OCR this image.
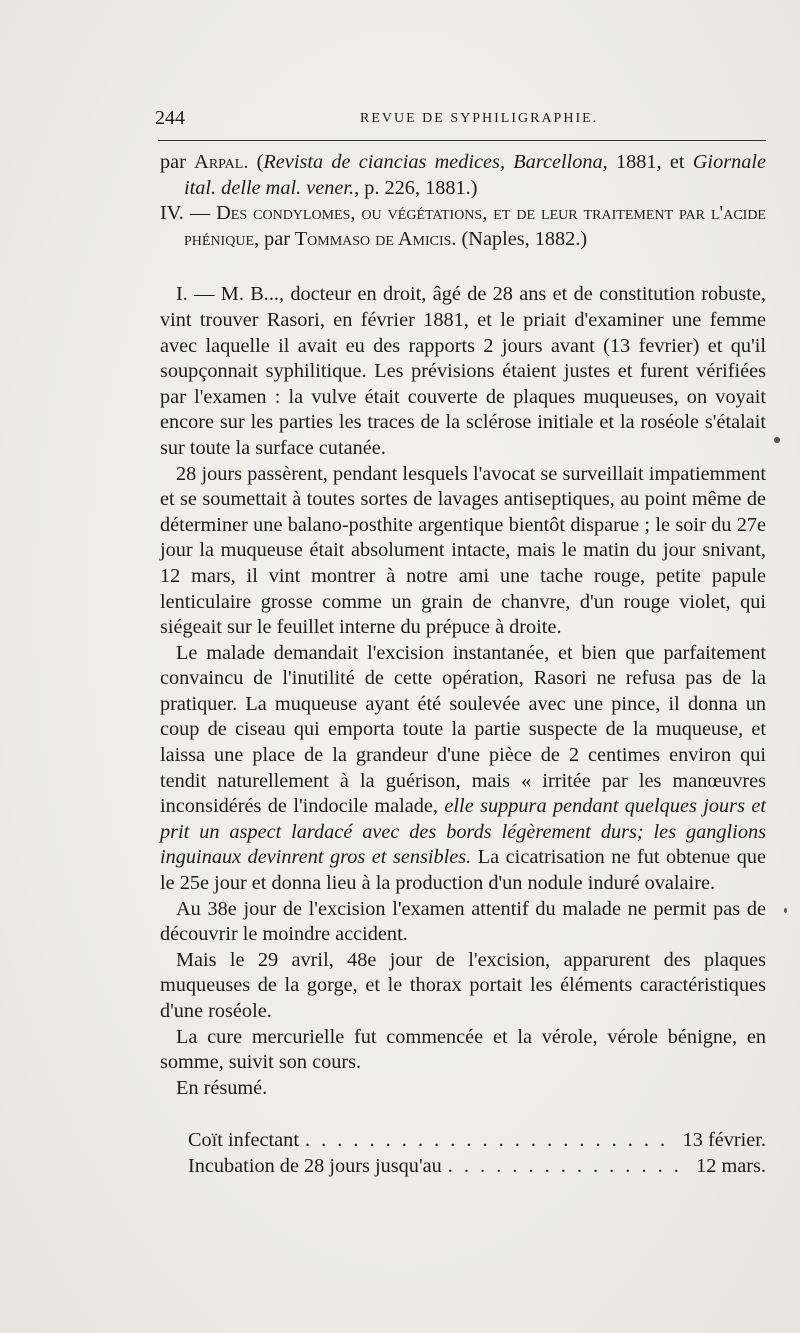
244	REVUE DE SYPHILIGRAPHIE.

par Arpal. (Revista de ciancias medices, Barcellona, 1881, et Giornale ital. delle mal. vener., p. 226, 1881.)

IV. — Des condylomes, ou végétations, et de leur traitement par l'acide phénique, par Tommaso de Amicis. (Naples, 1882.)

I. — M. B..., docteur en droit, âgé de 28 ans et de constitution robuste, vint trouver Rasori, en février 1881, et le priait d'examiner une femme avec laquelle il avait eu des rapports 2 jours avant (13 fevrier) et qu'il soupçonnait syphilitique. Les prévisions étaient justes et furent vérifiées par l'examen : la vulve était couverte de plaques muqueuses, on voyait encore sur les parties les traces de la sclérose initiale et la roséole s'étalait sur toute la surface cutanée.

28 jours passèrent, pendant lesquels l'avocat se surveillait impatiemment et se soumettait à toutes sortes de lavages antiseptiques, au point même de déterminer une balano-posthite argentique bientôt disparue ; le soir du 27e jour la muqueuse était absolument intacte, mais le matin du jour snivant, 12 mars, il vint montrer à notre ami une tache rouge, petite papule lenticulaire grosse comme un grain de chanvre, d'un rouge violet, qui siégeait sur le feuillet interne du prépuce à droite.

Le malade demandait l'excision instantanée, et bien que parfaitement convaincu de l'inutilité de cette opération, Rasori ne refusa pas de la pratiquer. La muqueuse ayant été soulevée avec une pince, il donna un coup de ciseau qui emporta toute la partie suspecte de la muqueuse, et laissa une place de la grandeur d'une pièce de 2 centimes environ qui tendit naturellement à la guérison, mais « irritée par les manœuvres inconsidérés de l'indocile malade, elle suppura pendant quelques jours et prit un aspect lardacé avec des bords légèrement durs; les ganglions inguinaux devinrent gros et sensibles. La cicatrisation ne fut obtenue que le 25e jour et donna lieu à la production d'un nodule induré ovalaire.

Au 38e jour de l'excision l'examen attentif du malade ne permit pas de découvrir le moindre accident.

Mais le 29 avril, 48e jour de l'excision, apparurent des plaques muqueuses de la gorge, et le thorax portait les éléments caractéristiques d'une roséole.

La cure mercurielle fut commencée et la vérole, vérole bénigne, en somme, suivit son cours.

En résumé.

Coït infectant . . . . . . . . . . . . . . . . . . . . . . . 13 février.
Incubation de 28 jours jusqu'au . . . . . . . . . . . . . . . 12 mars.
